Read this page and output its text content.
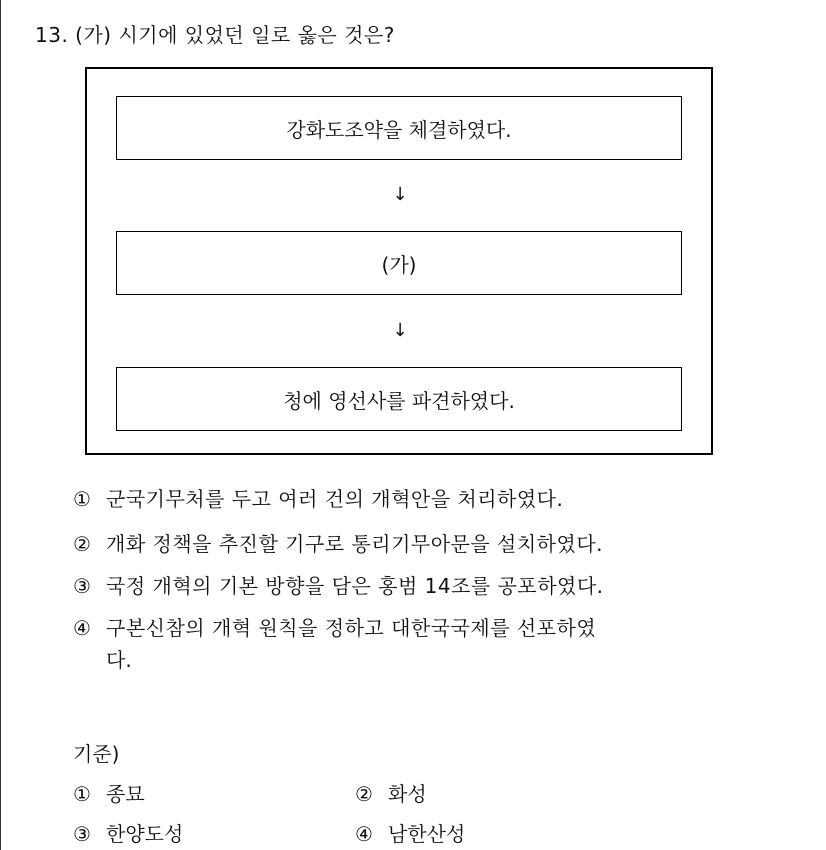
13. (가) 시기에 있었던 일로 옳은 것은?
강화도조약을 체결하였다.
↓
(가)
↓
청에 영선사를 파견하였다.
① 군국기무처를 두고 여러 건의 개혁안을 처리하였다.
② 개화 정책을 추진할 기구로 통리기무아문을 설치하였다.
③ 국정 개혁의 기본 방향을 담은 홍범 14조를 공포하였다.
④ 구본신참의 개혁 원칙을 정하고 대한국국제를 선포하였
다.
기준)
① 종묘	② 화성
③ 한양도성	④ 남한산성
